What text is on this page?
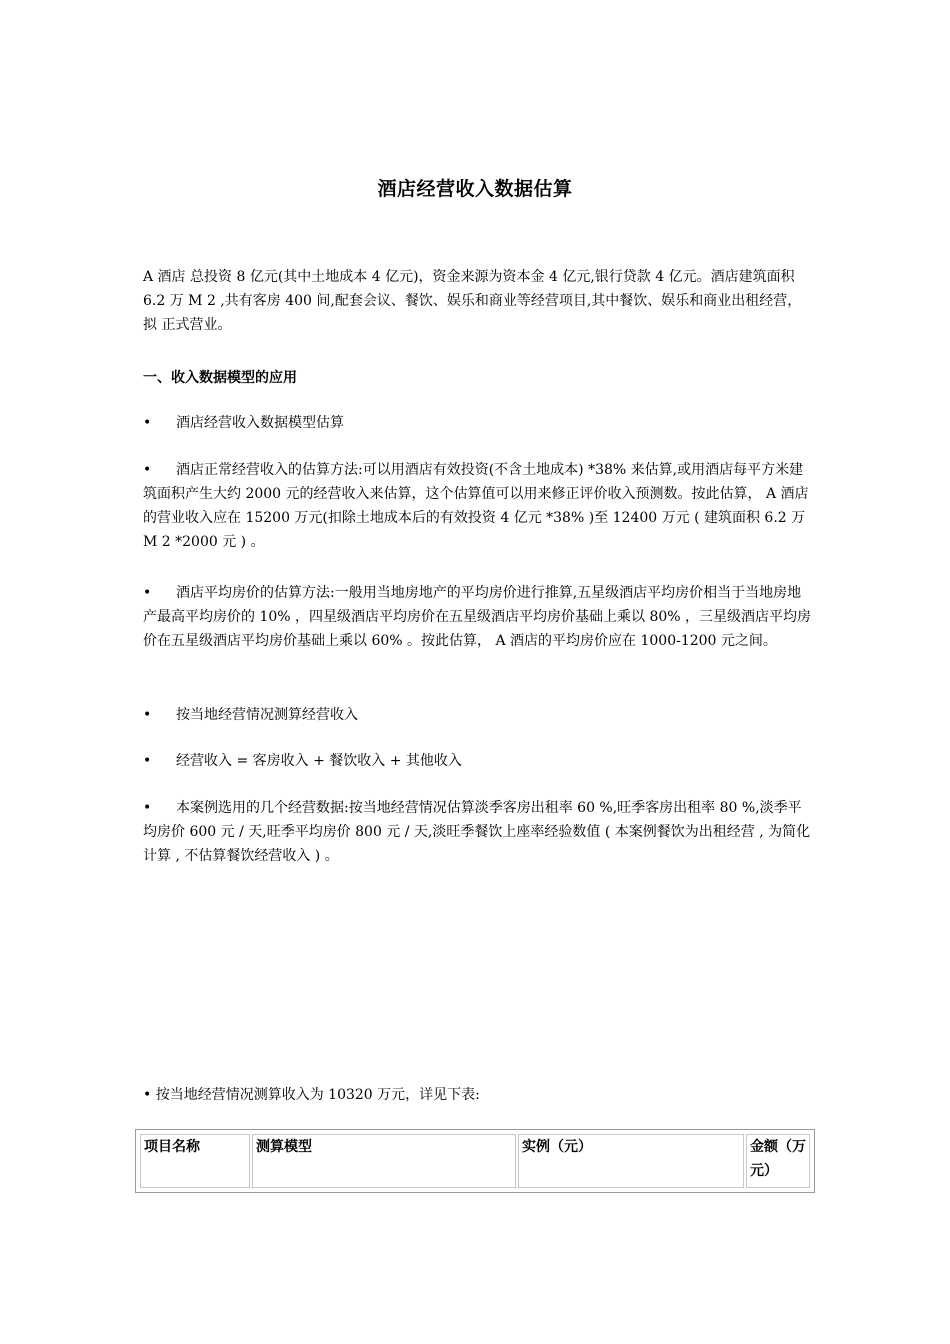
酒店经营收入数据估算
A 酒店 总投资 8 亿元(其中土地成本 4 亿元)，资金来源为资本金 4 亿元,银行贷款 4 亿元。酒店建筑面积 6.2 万 M 2 ,共有客房 400 间,配套会议、餐饮、娱乐和商业等经营项目,其中餐饮、娱乐和商业出租经营， 拟 正式营业。
一、收入数据模型的应用
• 酒店经营收入数据模型估算
• 酒店正常经营收入的估算方法:可以用酒店有效投资(不含土地成本) *38% 来估算,或用酒店每平方米建筑面积产生大约 2000 元的经营收入来估算，这个估算值可以用来修正评价收入预测数。按此估算， A 酒店的营业收入应在 15200 万元(扣除土地成本后的有效投资 4 亿元 *38% )至 12400 万元 ( 建筑面积 6.2 万 M 2 *2000 元 ) 。
• 酒店平均房价的估算方法:一般用当地房地产的平均房价进行推算,五星级酒店平均房价相当于当地房地产最高平均房价的 10% ，四星级酒店平均房价在五星级酒店平均房价基础上乘以 80% ，三星级酒店平均房价在五星级酒店平均房价基础上乘以 60% 。按此估算， A 酒店的平均房价应在 1000-1200 元之间。
• 按当地经营情况测算经营收入
• 经营收入 = 客房收入 + 餐饮收入 + 其他收入
• 本案例选用的几个经营数据:按当地经营情况估算淡季客房出租率 60 %,旺季客房出租率 80 %,淡季平均房价 600 元 / 天,旺季平均房价 800 元 / 天,淡旺季餐饮上座率经验数值 ( 本案例餐饮为出租经营 , 为简化计算 , 不估算餐饮经营收入 ) 。
• 按当地经营情况测算收入为 10320 万元，详见下表:
项目名称	测算模型	实例（元）	金额（万元）
